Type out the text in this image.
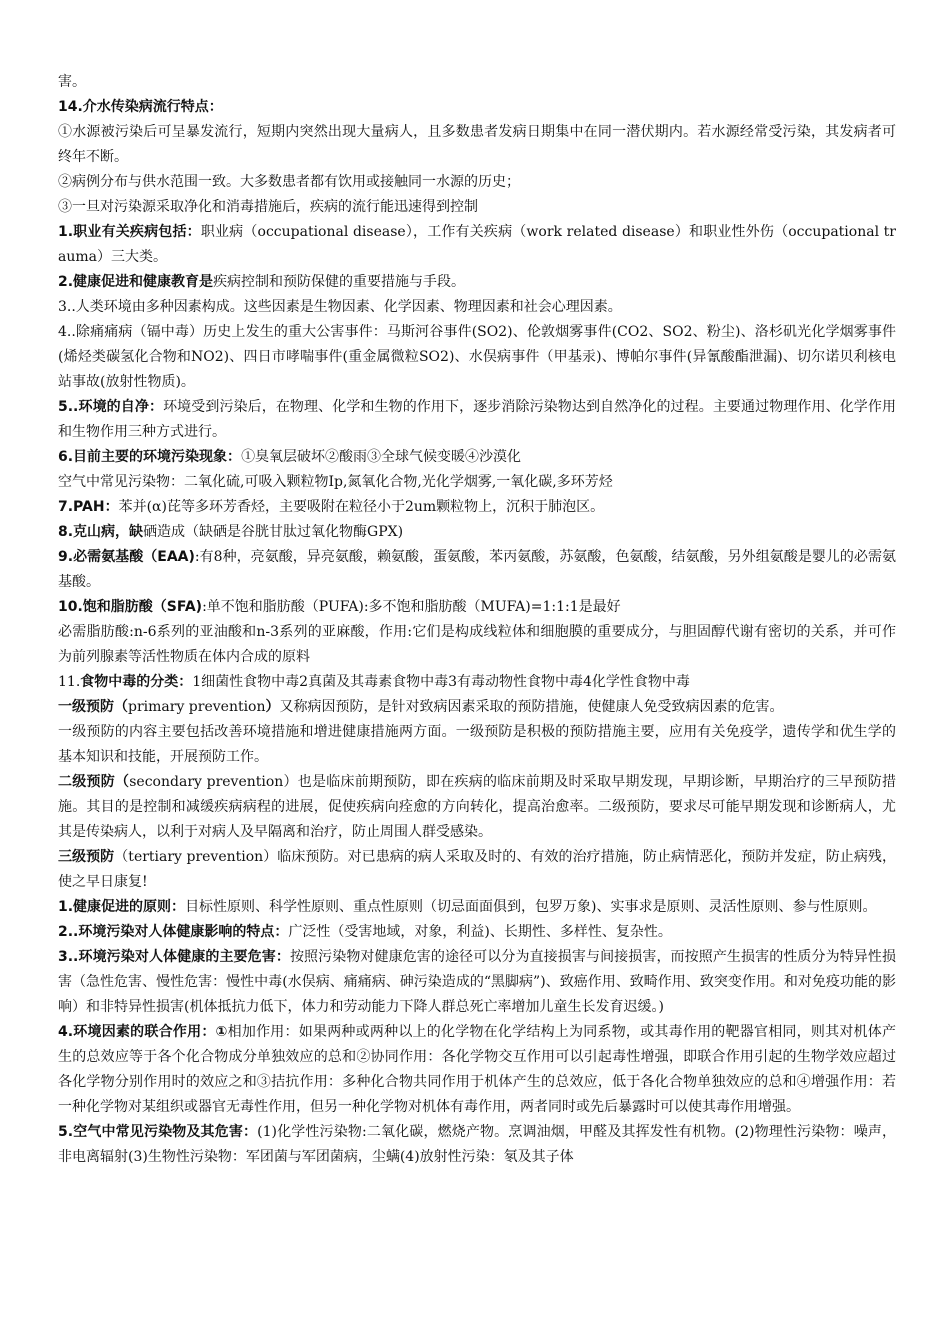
害。

14.介水传染病流行特点：

①水源被污染后可呈暴发流行，短期内突然出现大量病人，且多数患者发病日期集中在同一潜伏期内。若水源经常受污染，其发病者可终年不断。

②病例分布与供水范围一致。大多数患者都有饮用或接触同一水源的历史；

③一旦对污染源采取净化和消毒措施后，疾病的流行能迅速得到控制

1.职业有关疾病包括：职业病（occupational disease），工作有关疾病（work related disease）和职业性外伤（occupational trauma）三大类。

2.健康促进和健康教育是疾病控制和预防保健的重要措施与手段。

3..人类环境由多种因素构成。这些因素是生物因素、化学因素、物理因素和社会心理因素。

4..除痛痛病（镉中毒）历史上发生的重大公害事件：马斯河谷事件(SO2)、伦敦烟雾事件(CO2、SO2、粉尘)、洛杉矶光化学烟雾事件(烯烃类碳氢化合物和NO2)、四日市哮喘事件(重金属微粒SO2)、水俣病事件（甲基汞)、博帕尔事件(异氰酸酯泄漏)、切尔诺贝利核电站事故(放射性物质)。

5..环境的自净：环境受到污染后，在物理、化学和生物的作用下，逐步消除污染物达到自然净化的过程。主要通过物理作用、化学作用和生物作用三种方式进行。

6.目前主要的环境污染现象：①臭氧层破坏②酸雨③全球气候变暖④沙漠化

空气中常见污染物：二氧化硫,可吸入颗粒物Ip,氮氧化合物,光化学烟雾,一氧化碳,多环芳烃

7.PAH：苯并(α)芘等多环芳香烃，主要吸附在粒径小于2um颗粒物上，沉积于肺泡区。

8.克山病，缺硒造成（缺硒是谷胱甘肽过氧化物酶GPX)

9.必需氨基酸（EAA):有8种，亮氨酸，异亮氨酸，赖氨酸，蛋氨酸，苯丙氨酸，苏氨酸，色氨酸，结氨酸，另外组氨酸是婴儿的必需氨基酸。

10.饱和脂肪酸（SFA):单不饱和脂肪酸（PUFA):多不饱和脂肪酸（MUFA)=1:1:1是最好

必需脂肪酸:n-6系列的亚油酸和n-3系列的亚麻酸，作用:它们是构成线粒体和细胞膜的重要成分，与胆固醇代谢有密切的关系，并可作为前列腺素等活性物质在体内合成的原料

11.食物中毒的分类：1细菌性食物中毒2真菌及其毒素食物中毒3有毒动物性食物中毒4化学性食物中毒

一级预防（primary prevention）又称病因预防，是针对致病因素采取的预防措施，使健康人免受致病因素的危害。

一级预防的内容主要包括改善环境措施和增进健康措施两方面。一级预防是积极的预防措施主要，应用有关免疫学，遗传学和优生学的基本知识和技能，开展预防工作。

二级预防（secondary prevention）也是临床前期预防，即在疾病的临床前期及时采取早期发现，早期诊断，早期治疗的三早预防措施。其目的是控制和减缓疾病病程的进展，促使疾病向痊愈的方向转化，提高治愈率。二级预防，要求尽可能早期发现和诊断病人，尤其是传染病人，以利于对病人及早隔离和治疗，防止周围人群受感染。

三级预防（tertiary prevention）临床预防。对已患病的病人采取及时的、有效的治疗措施，防止病情恶化，预防并发症，防止病残，使之早日康复!

1.健康促进的原则：目标性原则、科学性原则、重点性原则（切忌面面俱到，包罗万象)、实事求是原则、灵活性原则、参与性原则。

2..环境污染对人体健康影响的特点：广泛性（受害地域，对象，利益)、长期性、多样性、复杂性。

3..环境污染对人体健康的主要危害：按照污染物对健康危害的途径可以分为直接损害与间接损害，而按照产生损害的性质分为特异性损害（急性危害、慢性危害：慢性中毒(水俣病、痛痛病、砷污染造成的“黑脚病”)、致癌作用、致畸作用、致突变作用。和对免疫功能的影响）和非特异性损害(机体抵抗力低下，体力和劳动能力下降人群总死亡率增加儿童生长发育迟缓。)

4.环境因素的联合作用：①相加作用：如果两种或两种以上的化学物在化学结构上为同系物，或其毒作用的靶器官相同，则其对机体产生的总效应等于各个化合物成分单独效应的总和②协同作用：各化学物交互作用可以引起毒性增强，即联合作用引起的生物学效应超过各化学物分别作用时的效应之和③拮抗作用：多种化合物共同作用于机体产生的总效应，低于各化合物单独效应的总和④增强作用：若一种化学物对某组织或器官无毒性作用，但另一种化学物对机体有毒作用，两者同时或先后暴露时可以使其毒作用增强。

5.空气中常见污染物及其危害：(1)化学性污染物:二氧化碳，燃烧产物。烹调油烟，甲醛及其挥发性有机物。(2)物理性污染物：噪声，非电离辐射(3)生物性污染物：军团菌与军团菌病，尘螨(4)放射性污染：氡及其子体
